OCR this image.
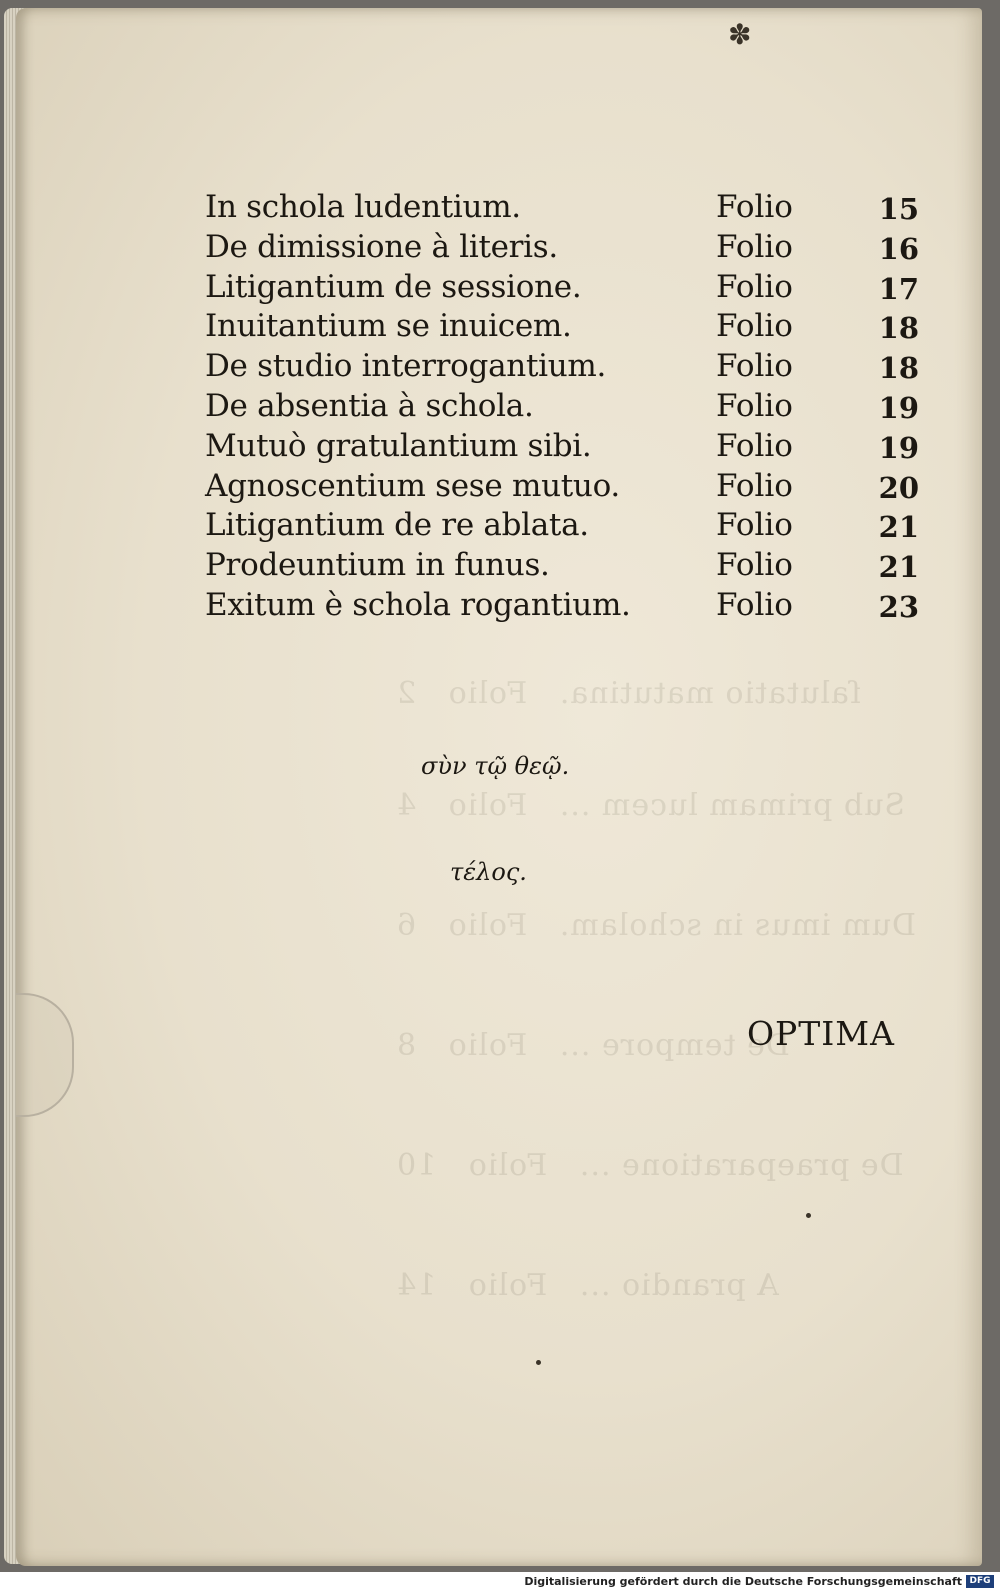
✽
ſalutatio matutina.   Folio   2
Sub primam lucem ...   Folio   4
Dum imus in scholam.   Folio   6
De tempore ...   Folio   8
De praeparatione ...   Folio   10
A prandio ...   Folio   14
In schola ludentium.	Folio	15
De dimissione à literis.	Folio	16
Litigantium de sessione.	Folio	17
Inuitantium se inuicem.	Folio	18
De studio interrogantium.	Folio	18
De absentia à schola.	Folio	19
Mutuò gratulantium sibi.	Folio	19
Agnoscentium sese mutuo.	Folio	20
Litigantium de re ablata.	Folio	21
Prodeuntium in funus.	Folio	21
Exitum è schola rogantium.	Folio	23
σὺν τῷ θεῷ.
τέλος.
OPTIMA
Digitalisierung gefördert durch die Deutsche Forschungsgemeinschaft DFG
